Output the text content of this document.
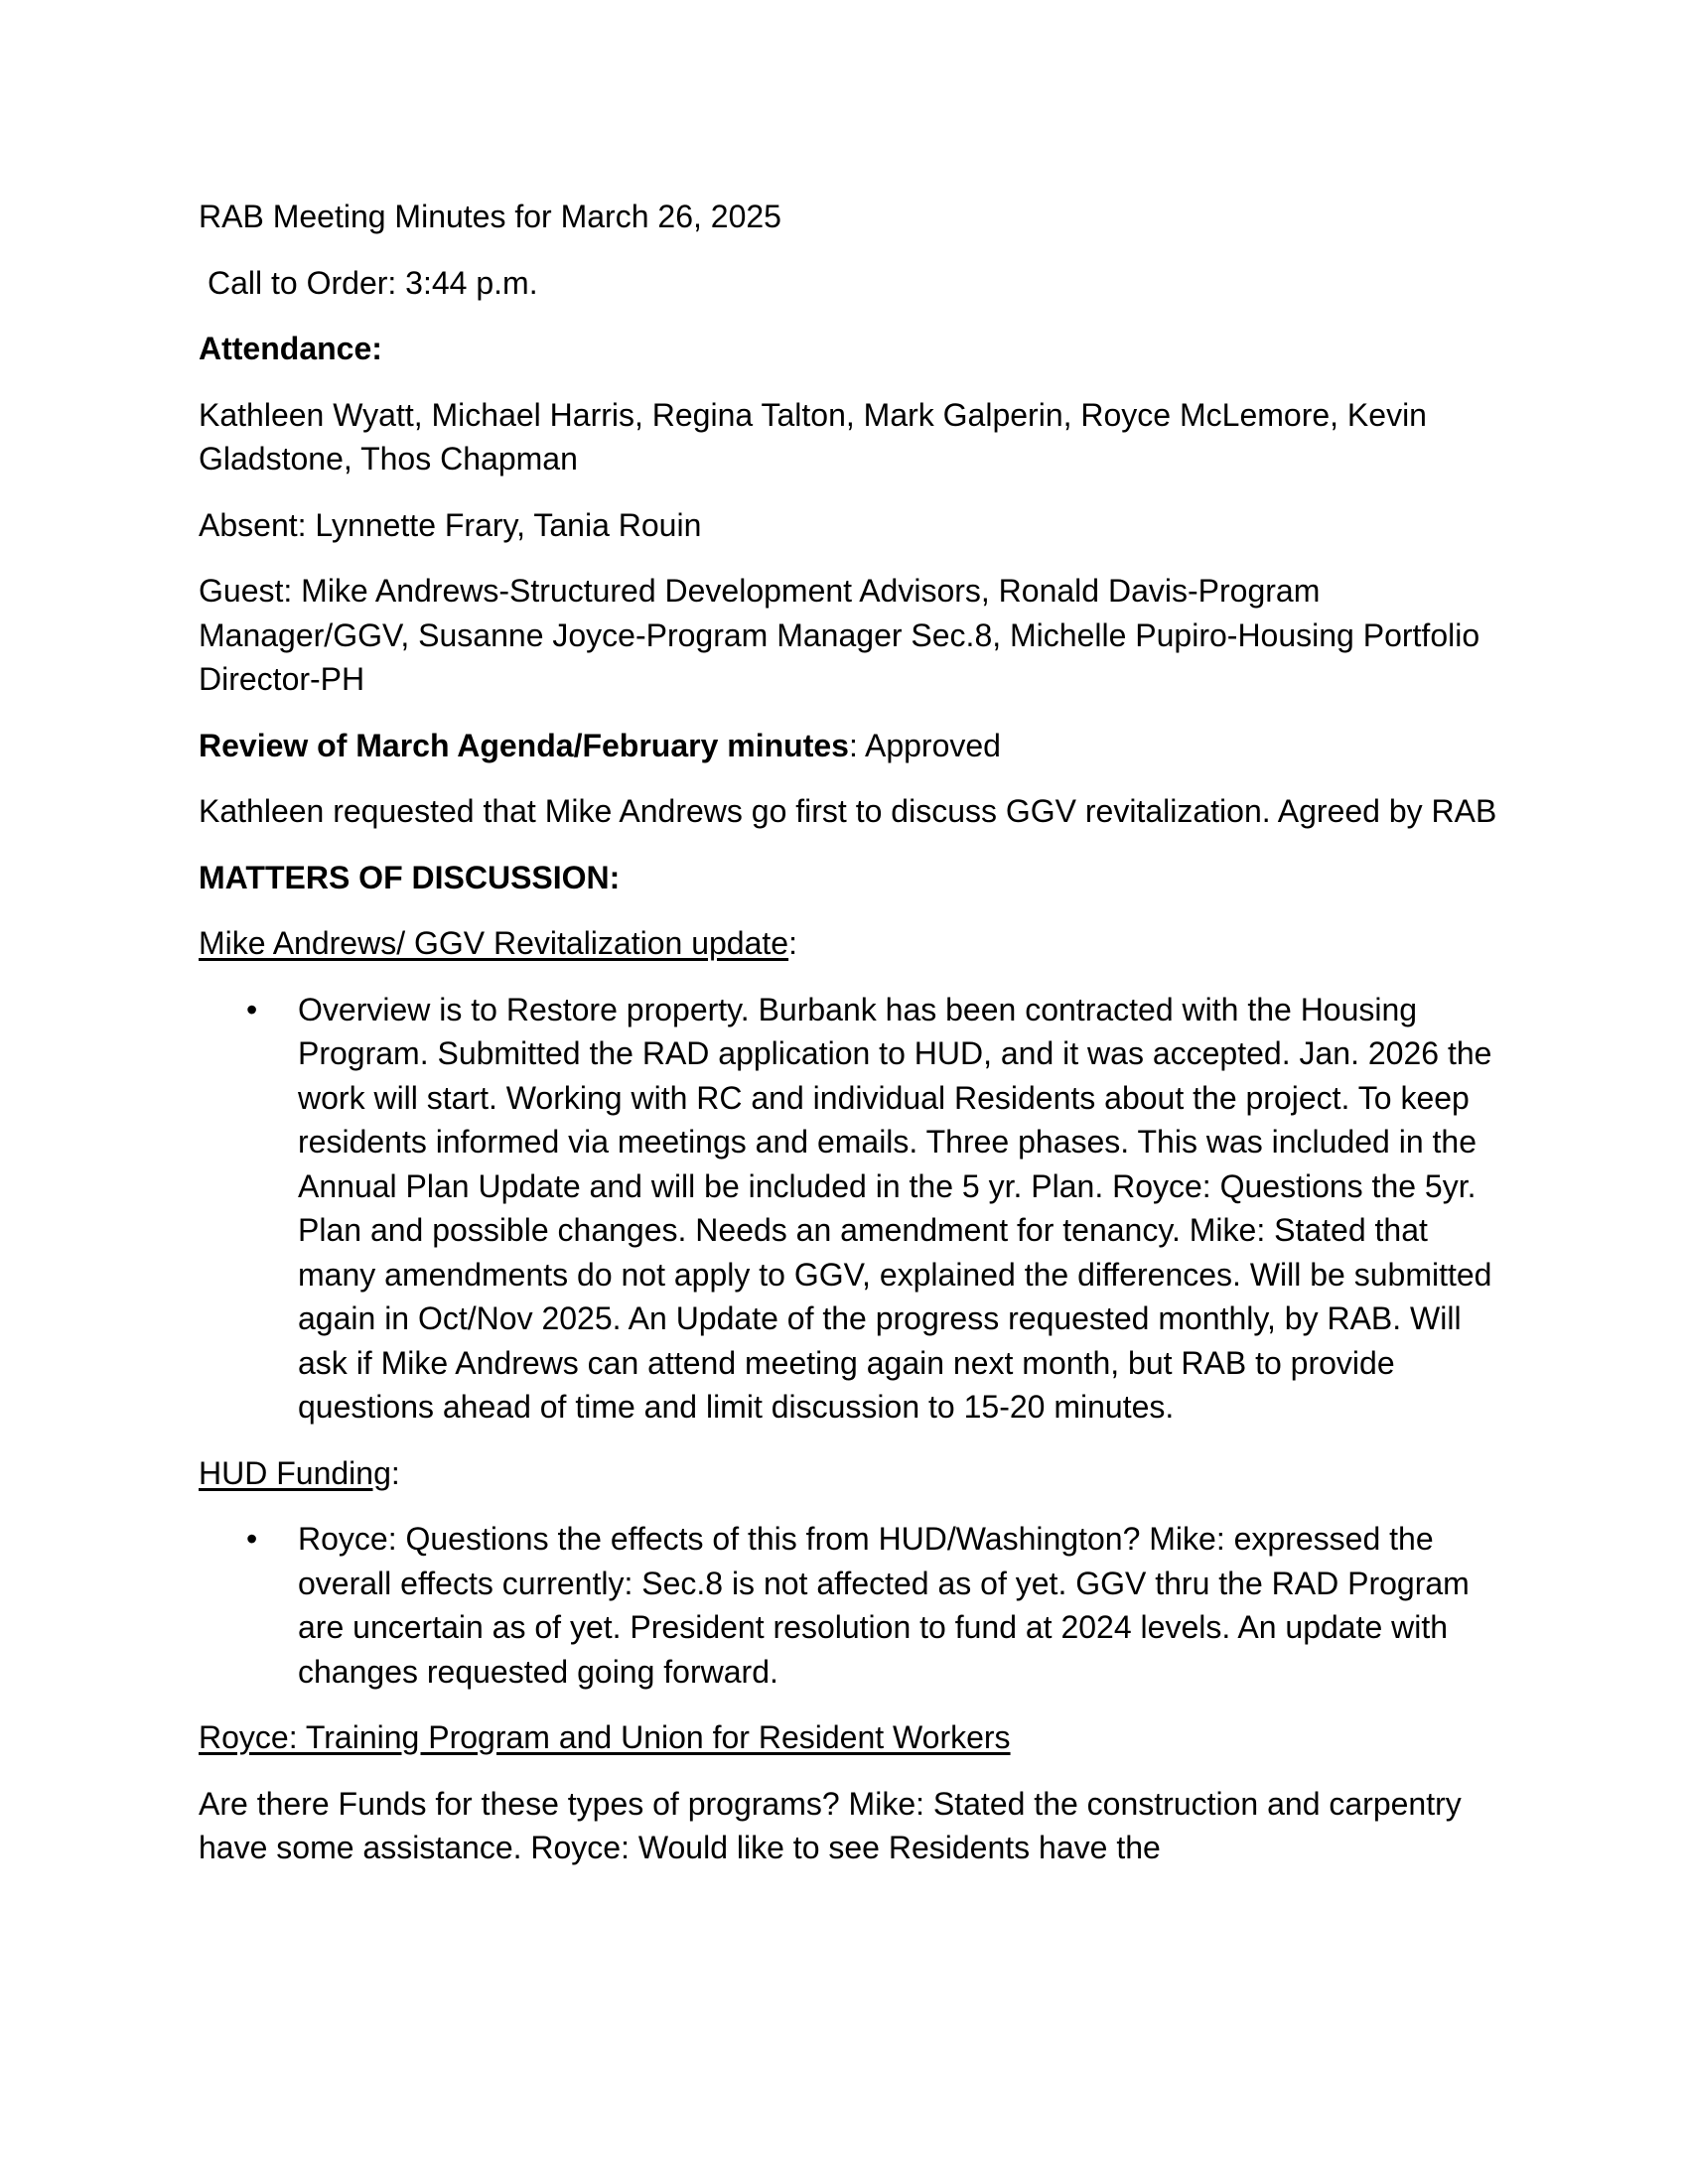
RAB Meeting Minutes for March 26, 2025
Call to Order: 3:44 p.m.
Attendance:
Kathleen Wyatt, Michael Harris, Regina Talton, Mark Galperin, Royce McLemore, Kevin Gladstone, Thos Chapman
Absent: Lynnette Frary, Tania Rouin
Guest: Mike Andrews-Structured Development Advisors, Ronald Davis-Program Manager/GGV, Susanne Joyce-Program Manager Sec.8, Michelle Pupiro-Housing Portfolio Director-PH
Review of March Agenda/February minutes: Approved
Kathleen requested that Mike Andrews go first to discuss GGV revitalization. Agreed by RAB
MATTERS OF DISCUSSION:
Mike Andrews/ GGV Revitalization update:
• Overview is to Restore property. Burbank has been contracted with the Housing Program. Submitted the RAD application to HUD, and it was accepted. Jan. 2026 the work will start. Working with RC and individual Residents about the project. To keep residents informed via meetings and emails. Three phases. This was included in the Annual Plan Update and will be included in the 5 yr. Plan. Royce: Questions the 5yr. Plan and possible changes. Needs an amendment for tenancy. Mike: Stated that many amendments do not apply to GGV, explained the differences. Will be submitted again in Oct/Nov 2025. An Update of the progress requested monthly, by RAB. Will ask if Mike Andrews can attend meeting again next month, but RAB to provide questions ahead of time and limit discussion to 15-20 minutes.
HUD Funding:
• Royce: Questions the effects of this from HUD/Washington? Mike: expressed the overall effects currently: Sec.8 is not affected as of yet. GGV thru the RAD Program are uncertain as of yet. President resolution to fund at 2024 levels. An update with changes requested going forward.
Royce: Training Program and Union for Resident Workers
Are there Funds for these types of programs? Mike: Stated the construction and carpentry have some assistance. Royce: Would like to see Residents have the
